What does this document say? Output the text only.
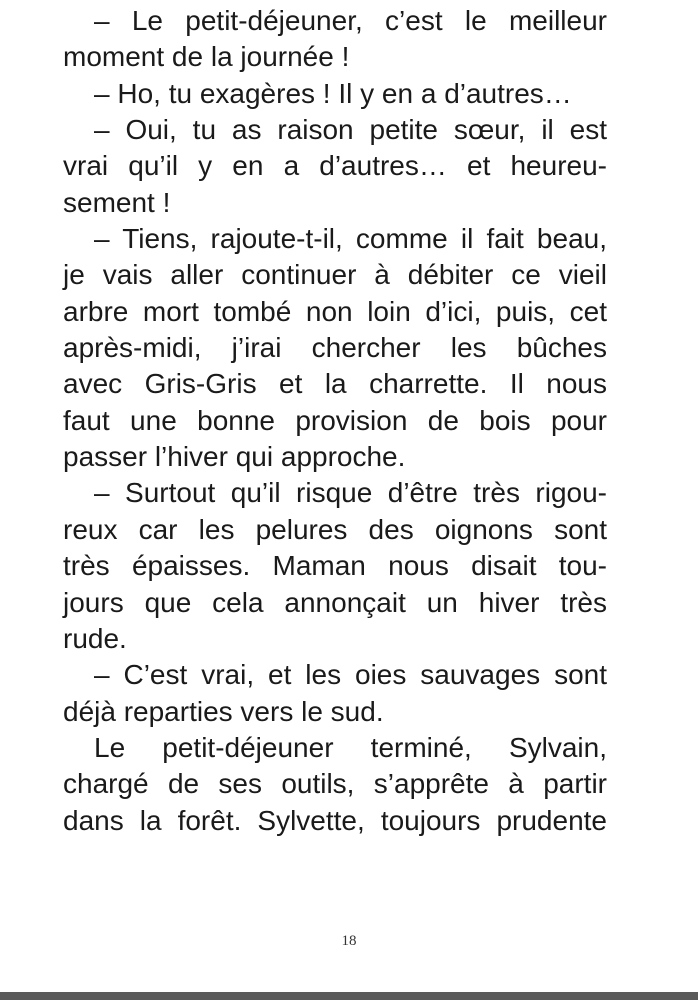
– Le petit-déjeuner, c’est le meilleur
moment de la journée !
– Ho, tu exagères ! Il y en a d’autres…
– Oui, tu as raison petite sœur, il est
vrai qu’il y en a d’autres… et heureu-
sement !
– Tiens, rajoute-t-il, comme il fait beau,
je vais aller continuer à débiter ce vieil
arbre mort tombé non loin d’ici, puis, cet
après-midi, j’irai chercher les bûches
avec Gris-Gris et la charrette. Il nous
faut une bonne provision de bois pour
passer l’hiver qui approche.
– Surtout qu’il risque d’être très rigou-
reux car les pelures des oignons sont
très épaisses. Maman nous disait tou-
jours que cela annonçait un hiver très
rude.
– C’est vrai, et les oies sauvages sont
déjà reparties vers le sud.
Le petit-déjeuner terminé, Sylvain,
chargé de ses outils, s’apprête à partir
dans la forêt. Sylvette, toujours prudente
18
